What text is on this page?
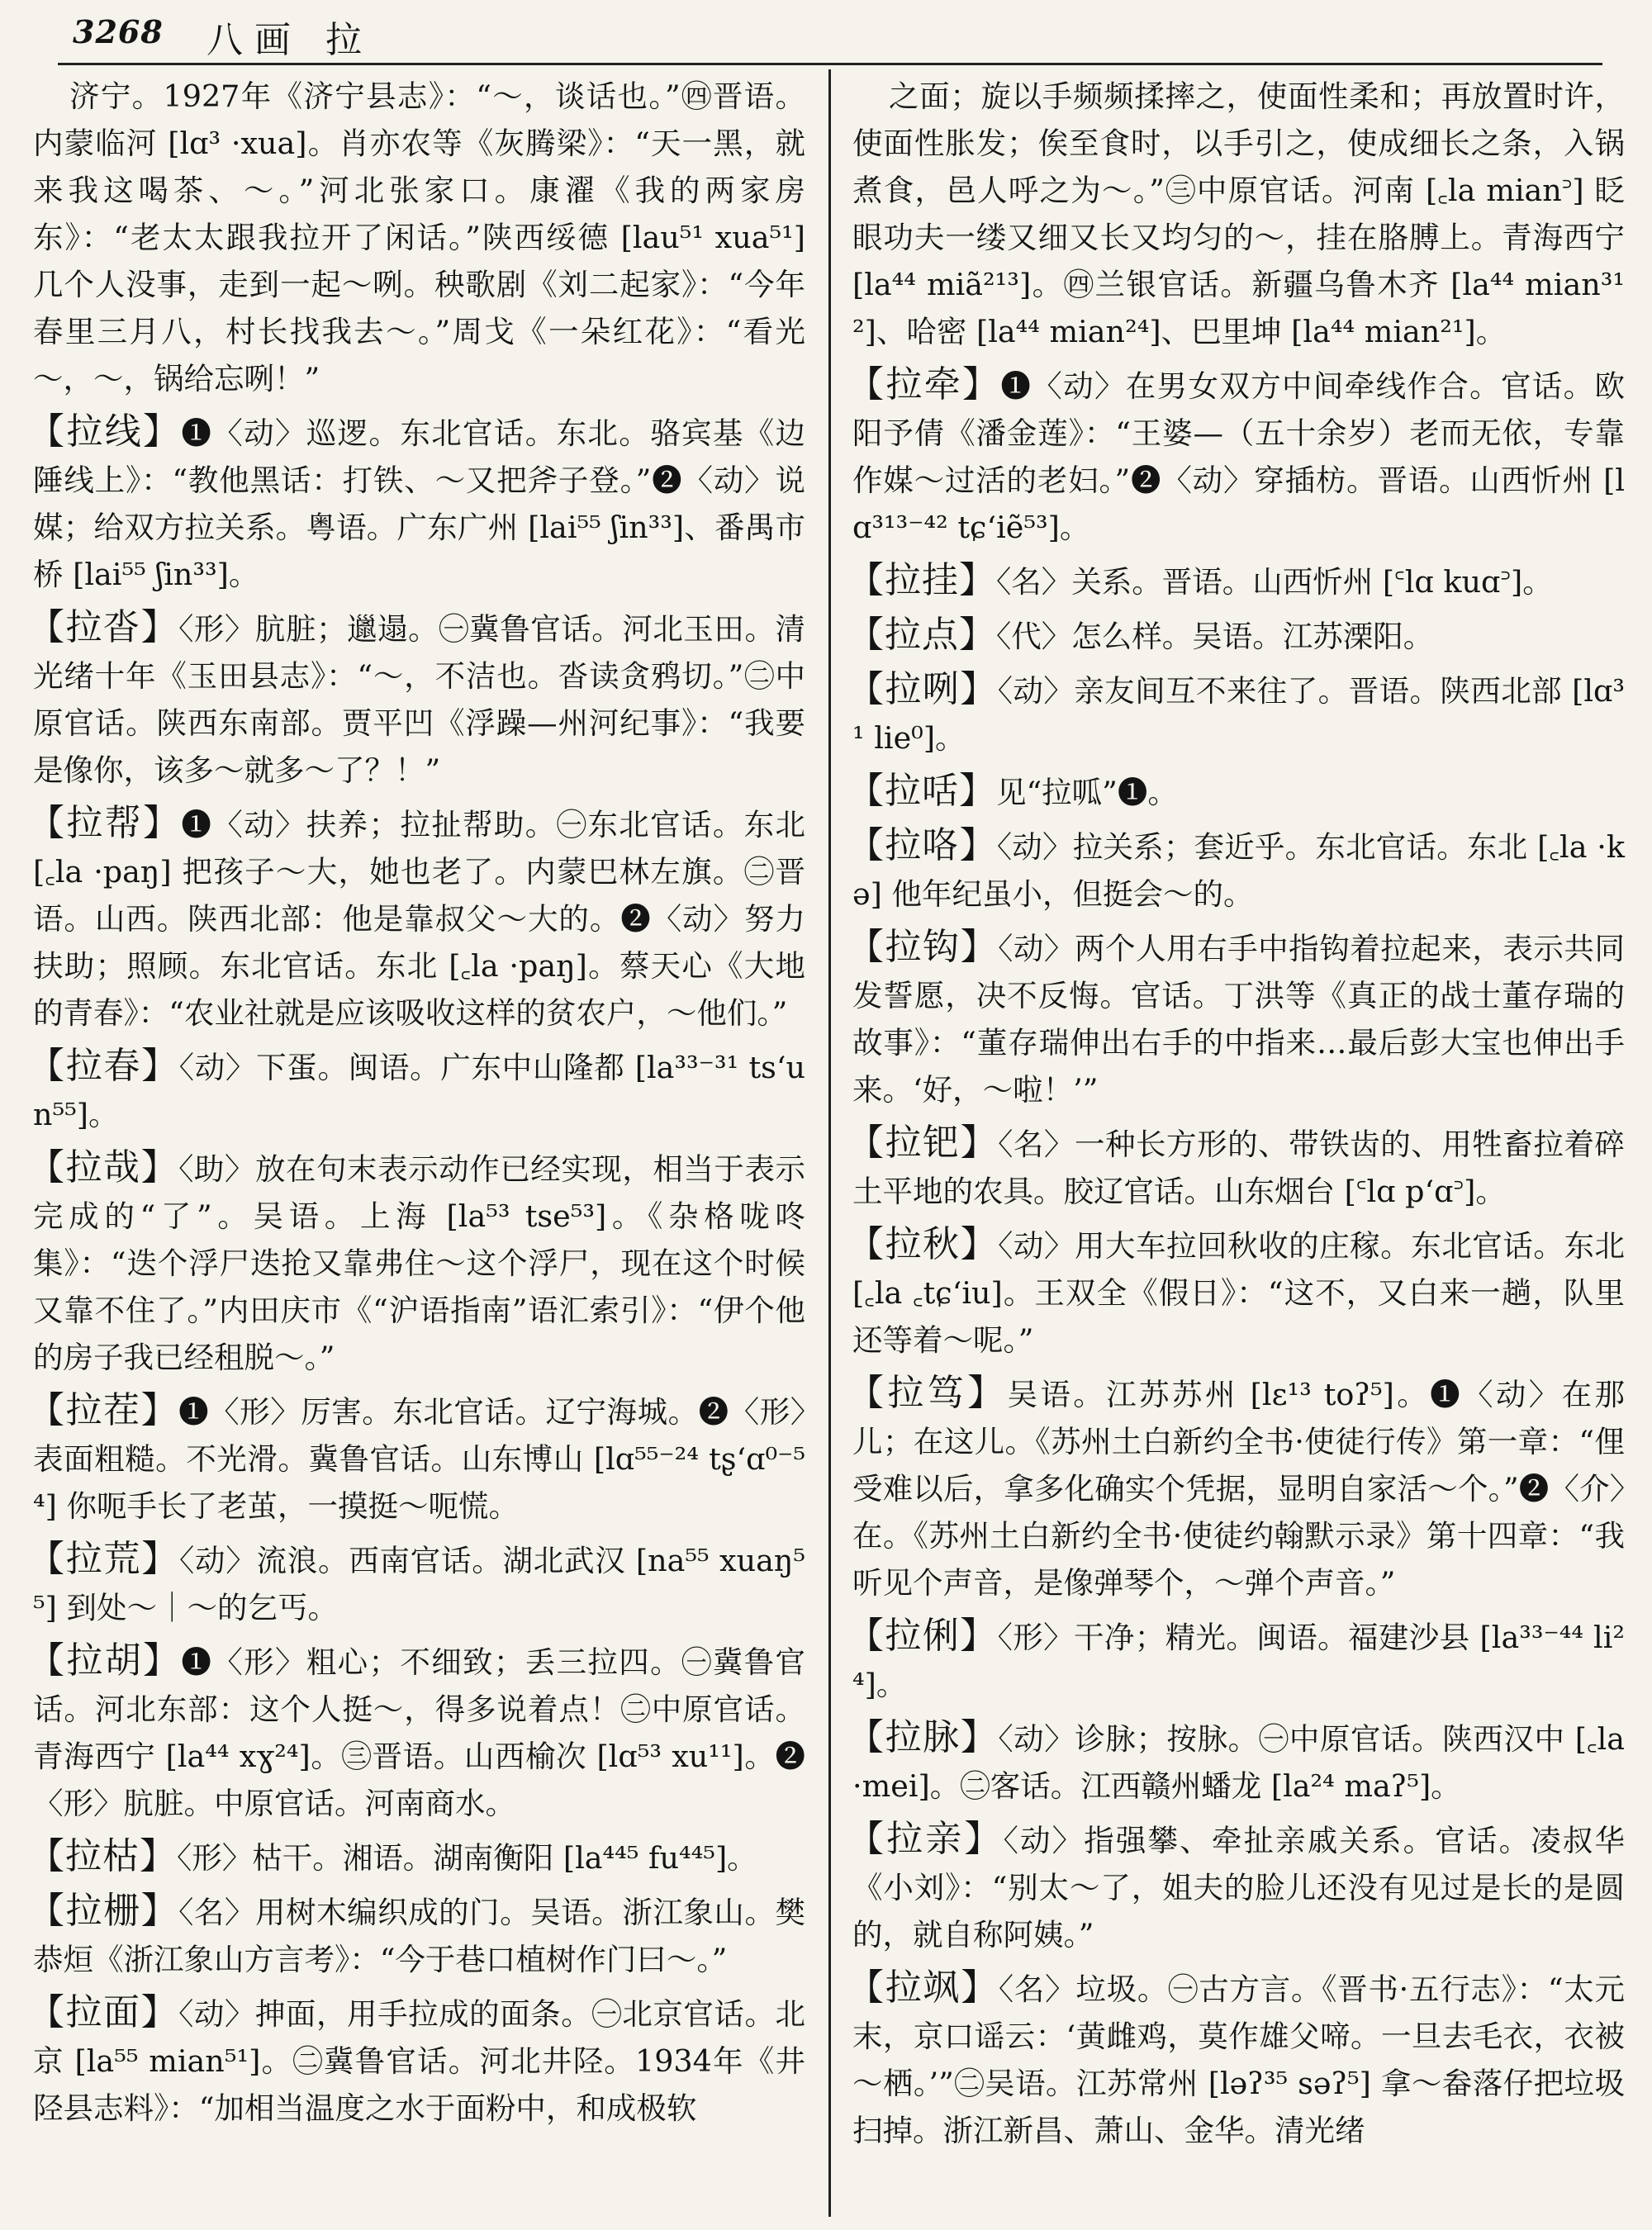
3268 八画 拉

济宁。1927年《济宁县志》：“～，谈话也。”㊃晋语。内蒙临河 [lɑ³ ·xua]。肖亦农等《灰腾梁》：“天一黑，就来我这喝茶、～。”河北张家口。康濯《我的两家房东》：“老太太跟我拉开了闲话。”陕西绥德 [lau⁵¹ xua⁵¹] 几个人没事，走到一起～咧。秧歌剧《刘二起家》：“今年春里三月八，村长找我去～。”周戈《一朵红花》：“看光～，～，锅给忘咧！”

【拉线】❶〈动〉巡逻。东北官话。东北。骆宾基《边陲线上》：“教他黑话：打铁、～又把斧子登。”❷〈动〉说媒；给双方拉关系。粤语。广东广州 [lai⁵⁵ ʃin³³]、番禺市桥 [lai⁵⁵ ʃin³³]。

【拉沓】〈形〉肮脏；邋遢。㊀冀鲁官话。河北玉田。清光绪十年《玉田县志》：“～，不洁也。沓读贪鸦切。”㊁中原官话。陕西东南部。贾平凹《浮躁—州河纪事》：“我要是像你，该多～就多～了？！”

【拉帮】❶〈动〉扶养；拉扯帮助。㊀东北官话。东北 [꜀la ·paŋ] 把孩子～大，她也老了。内蒙巴林左旗。㊁晋语。山西。陕西北部：他是靠叔父～大的。❷〈动〉努力扶助；照顾。东北官话。东北 [꜀la ·paŋ]。蔡天心《大地的青春》：“农业社就是应该吸收这样的贫农户，～他们。”

【拉春】〈动〉下蛋。闽语。广东中山隆都 [la³³⁻³¹ ts‘un⁵⁵]。

【拉哉】〈助〉放在句末表示动作已经实现，相当于表示完成的“了”。吴语。上海 [la⁵³ tse⁵³]。《杂格咙咚集》：“迭个浮尸迭抢又靠弗住～这个浮尸，现在这个时候又靠不住了。”内田庆市《“沪语指南”语汇索引》：“伊个他的房子我已经租脱～。”

【拉茬】❶〈形〉厉害。东北官话。辽宁海城。❷〈形〉表面粗糙。不光滑。冀鲁官话。山东博山 [lɑ⁵⁵⁻²⁴ tʂ‘ɑ⁰⁻⁵⁴] 你呃手长了老茧，一摸挺～呃慌。

【拉荒】〈动〉流浪。西南官话。湖北武汉 [na⁵⁵ xuaŋ⁵⁵] 到处～｜～的乞丐。

【拉胡】❶〈形〉粗心；不细致；丢三拉四。㊀冀鲁官话。河北东部：这个人挺～，得多说着点！㊁中原官话。青海西宁 [la⁴⁴ xɣ²⁴]。㊂晋语。山西榆次 [lɑ⁵³ xu¹¹]。❷〈形〉肮脏。中原官话。河南商水。

【拉枯】〈形〉枯干。湘语。湖南衡阳 [la⁴⁴⁵ fu⁴⁴⁵]。

【拉栅】〈名〉用树木编织成的门。吴语。浙江象山。樊恭烜《浙江象山方言考》：“今于巷口植树作门曰～。”

【拉面】〈动〉抻面，用手拉成的面条。㊀北京官话。北京 [la⁵⁵ mian⁵¹]。㊁冀鲁官话。河北井陉。1934年《井陉县志料》：“加相当温度之水于面粉中，和成极软

之面；旋以手频频揉摔之，使面性柔和；再放置时许，使面性胀发；俟至食时，以手引之，使成细长之条，入锅煮食，邑人呼之为～。”㊂中原官话。河南 [꜀la mian꜄] 眨眼功夫一缕又细又长又均匀的～，挂在胳膊上。青海西宁 [la⁴⁴ miã²¹³]。㊃兰银官话。新疆乌鲁木齐 [la⁴⁴ mian³¹²]、哈密 [la⁴⁴ mian²⁴]、巴里坤 [la⁴⁴ mian²¹]。

【拉牵】❶〈动〉在男女双方中间牵线作合。官话。欧阳予倩《潘金莲》：“王婆—（五十余岁）老而无依，专靠作媒～过活的老妇。”❷〈动〉穿插枋。晋语。山西忻州 [lɑ³¹³⁻⁴² tɕ‘iẽ⁵³]。

【拉挂】〈名〉关系。晋语。山西忻州 [꜂lɑ kuɑ꜄]。

【拉点】〈代〉怎么样。吴语。江苏溧阳。

【拉咧】〈动〉亲友间互不来往了。晋语。陕西北部 [lɑ³¹ lie⁰]。

【拉咶】见“拉呱”❶。

【拉咯】〈动〉拉关系；套近乎。东北官话。东北 [꜀la ·kə] 他年纪虽小，但挺会～的。

【拉钩】〈动〉两个人用右手中指钩着拉起来，表示共同发誓愿，决不反悔。官话。丁洪等《真正的战士董存瑞的故事》：“董存瑞伸出右手的中指来…最后彭大宝也伸出手来。‘好，～啦！’”

【拉钯】〈名〉一种长方形的、带铁齿的、用牲畜拉着碎土平地的农具。胶辽官话。山东烟台 [꜂lɑ p‘ɑ꜄]。

【拉秋】〈动〉用大车拉回秋收的庄稼。东北官话。东北 [꜀la ꜀tɕ‘iu]。王双全《假日》：“这不，又白来一趟，队里还等着～呢。”

【拉笃】吴语。江苏苏州 [lɛ¹³ toʔ⁵]。❶〈动〉在那儿；在这儿。《苏州土白新约全书·使徒行传》第一章：“俚受难以后，拿多化确实个凭据，显明自家活～个。”❷〈介〉在。《苏州土白新约全书·使徒约翰默示录》第十四章：“我听见个声音，是像弹琴个，～弹个声音。”

【拉俐】〈形〉干净；精光。闽语。福建沙县 [la³³⁻⁴⁴ li²⁴]。

【拉脉】〈动〉诊脉；按脉。㊀中原官话。陕西汉中 [꜀la ·mei]。㊁客话。江西赣州蟠龙 [la²⁴ maʔ⁵]。

【拉亲】〈动〉指强攀、牵扯亲戚关系。官话。凌叔华《小刘》：“别太～了，姐夫的脸儿还没有见过是长的是圆的，就自称阿姨。”

【拉飒】〈名〉垃圾。㊀古方言。《晋书·五行志》：“太元末，京口谣云：‘黄雌鸡，莫作雄父啼。一旦去毛衣，衣被～栖。’”㊁吴语。江苏常州 [ləʔ³⁵ səʔ⁵] 拿～畚落仔把垃圾扫掉。浙江新昌、萧山、金华。清光绪
